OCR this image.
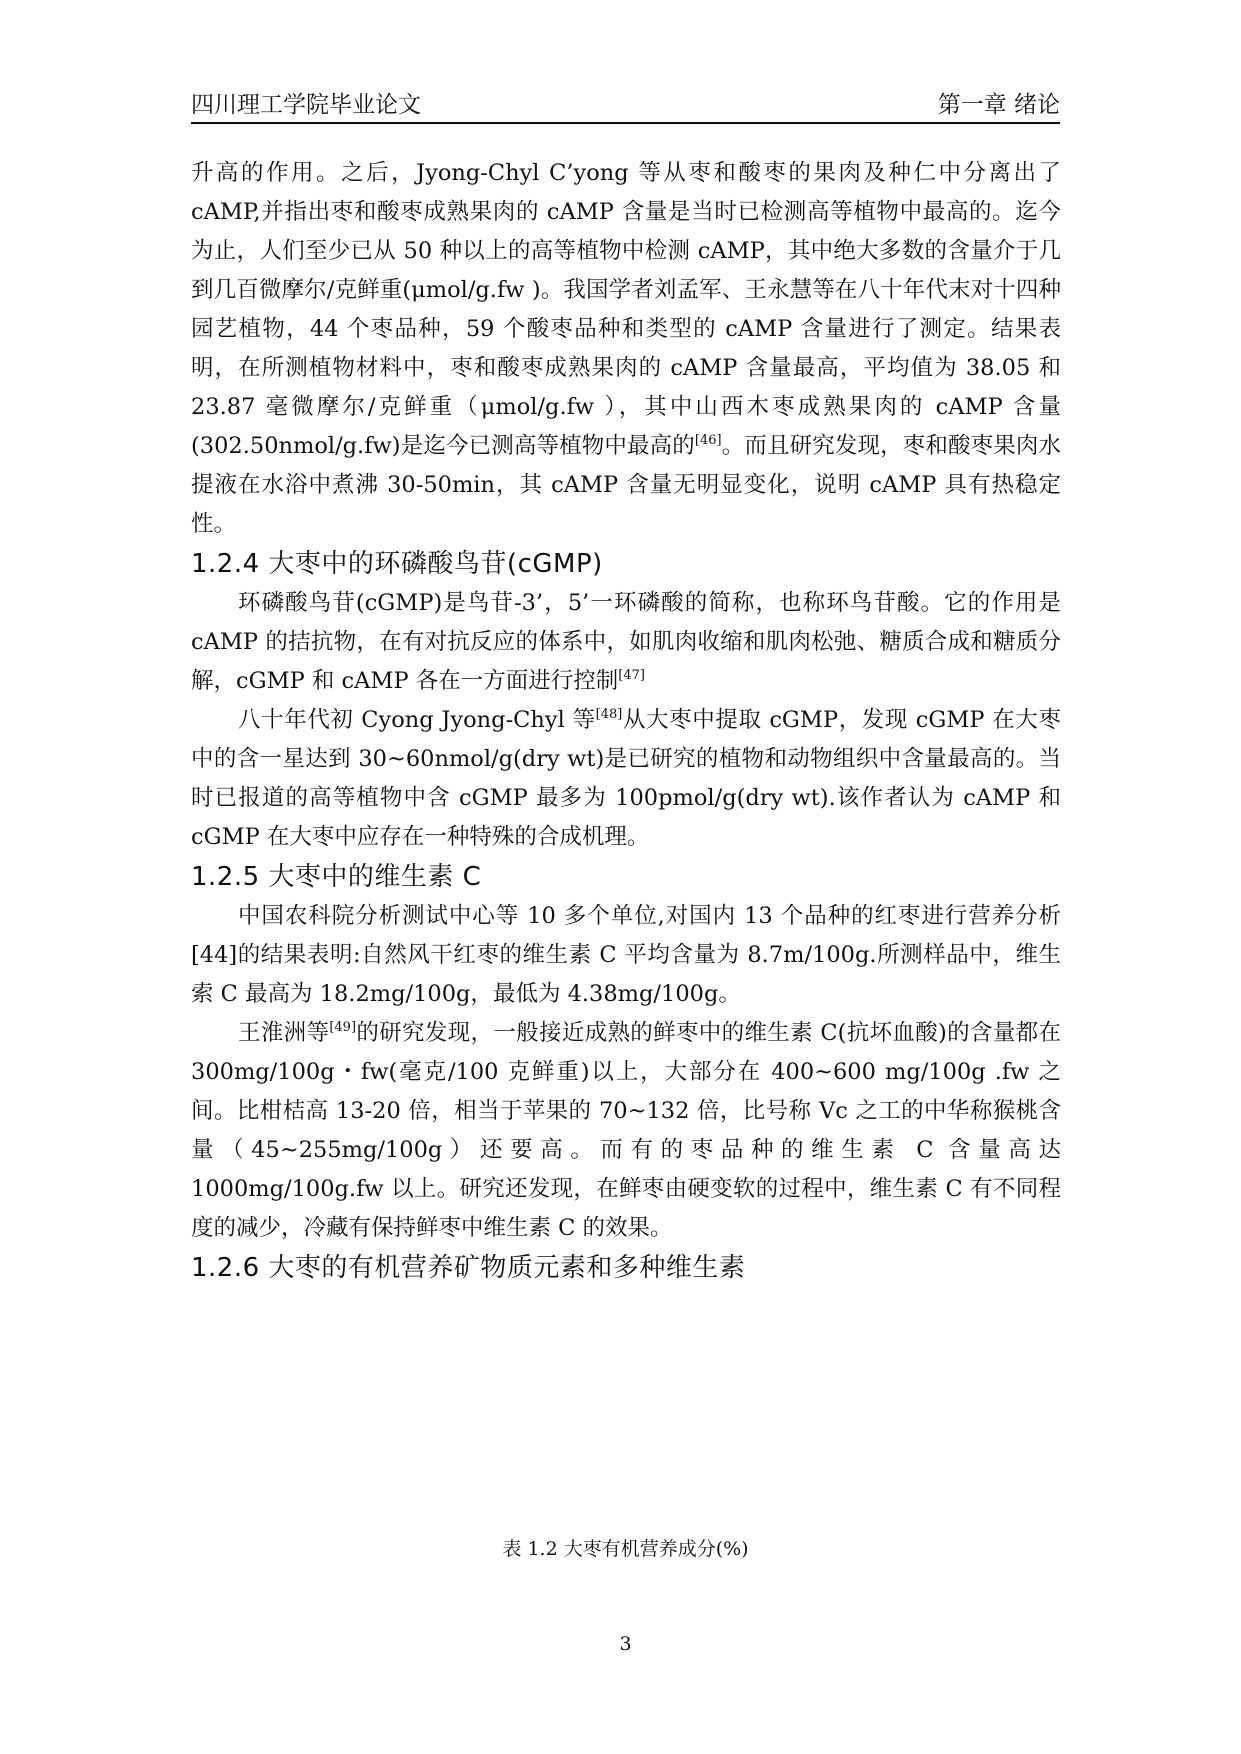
四川理工学院毕业论文	第一章 绪论

升高的作用。之后，Jyong-Chyl C’yong 等从枣和酸枣的果肉及种仁中分离出了cAMP,并指出枣和酸枣成熟果肉的 cAMP 含量是当时已检测高等植物中最高的。迄今为止，人们至少已从 50 种以上的高等植物中检测 cAMP，其中绝大多数的含量介于几到几百微摩尔/克鲜重(μmol/g.fw )。我国学者刘孟军、王永慧等在八十年代末对十四种园艺植物，44 个枣品种，59 个酸枣品种和类型的 cAMP 含量进行了测定。结果表明，在所测植物材料中，枣和酸枣成熟果肉的 cAMP 含量最高，平均值为 38.05 和 23.87 毫微摩尔/克鲜重（μmol/g.fw ），其中山西木枣成熟果肉的 cAMP 含量(302.50nmol/g.fw)是迄今已测高等植物中最高的[46]。而且研究发现，枣和酸枣果肉水提液在水浴中煮沸 30-50min，其 cAMP 含量无明显变化，说明 cAMP 具有热稳定性。

1.2.4 大枣中的环磷酸鸟苷(cGMP)

环磷酸鸟苷(cGMP)是鸟苷-3’，5’一环磷酸的简称，也称环鸟苷酸。它的作用是 cAMP 的拮抗物，在有对抗反应的体系中，如肌肉收缩和肌肉松弛、糖质合成和糖质分解，cGMP 和 cAMP 各在一方面进行控制[47]

八十年代初 Cyong Jyong-Chyl 等[48]从大枣中提取 cGMP，发现 cGMP 在大枣中的含一星达到 30~60nmol/g(dry wt)是已研究的植物和动物组织中含量最高的。当时已报道的高等植物中含 cGMP 最多为 100pmol/g(dry wt).该作者认为 cAMP 和 cGMP 在大枣中应存在一种特殊的合成机理。

1.2.5 大枣中的维生素 C

中国农科院分析测试中心等 10 多个单位,对国内 13 个品种的红枣进行营养分析[44]的结果表明:自然风干红枣的维生素 C 平均含量为 8.7m/100g.所测样品中，维生索 C 最高为 18.2mg/100g，最低为 4.38mg/100g。

王淮洲等[49]的研究发现，一般接近成熟的鲜枣中的维生素 C(抗坏血酸)的含量都在 300mg/100g・fw(毫克/100 克鲜重)以上，大部分在 400~600 mg/100g .fw 之间。比柑桔高 13-20 倍，相当于苹果的 70~132 倍，比号称 Vc 之工的中华称猴桃含量（45~255mg/100g）还要高。而有的枣品种的维生素 C 含量高达 1000mg/100g.fw 以上。研究还发现，在鲜枣由硬变软的过程中，维生素 C 有不同程度的减少，冷藏有保持鲜枣中维生素 C 的效果。

1.2.6 大枣的有机营养矿物质元素和多种维生素
表 1.2 大枣有机营养成分(%)
3
